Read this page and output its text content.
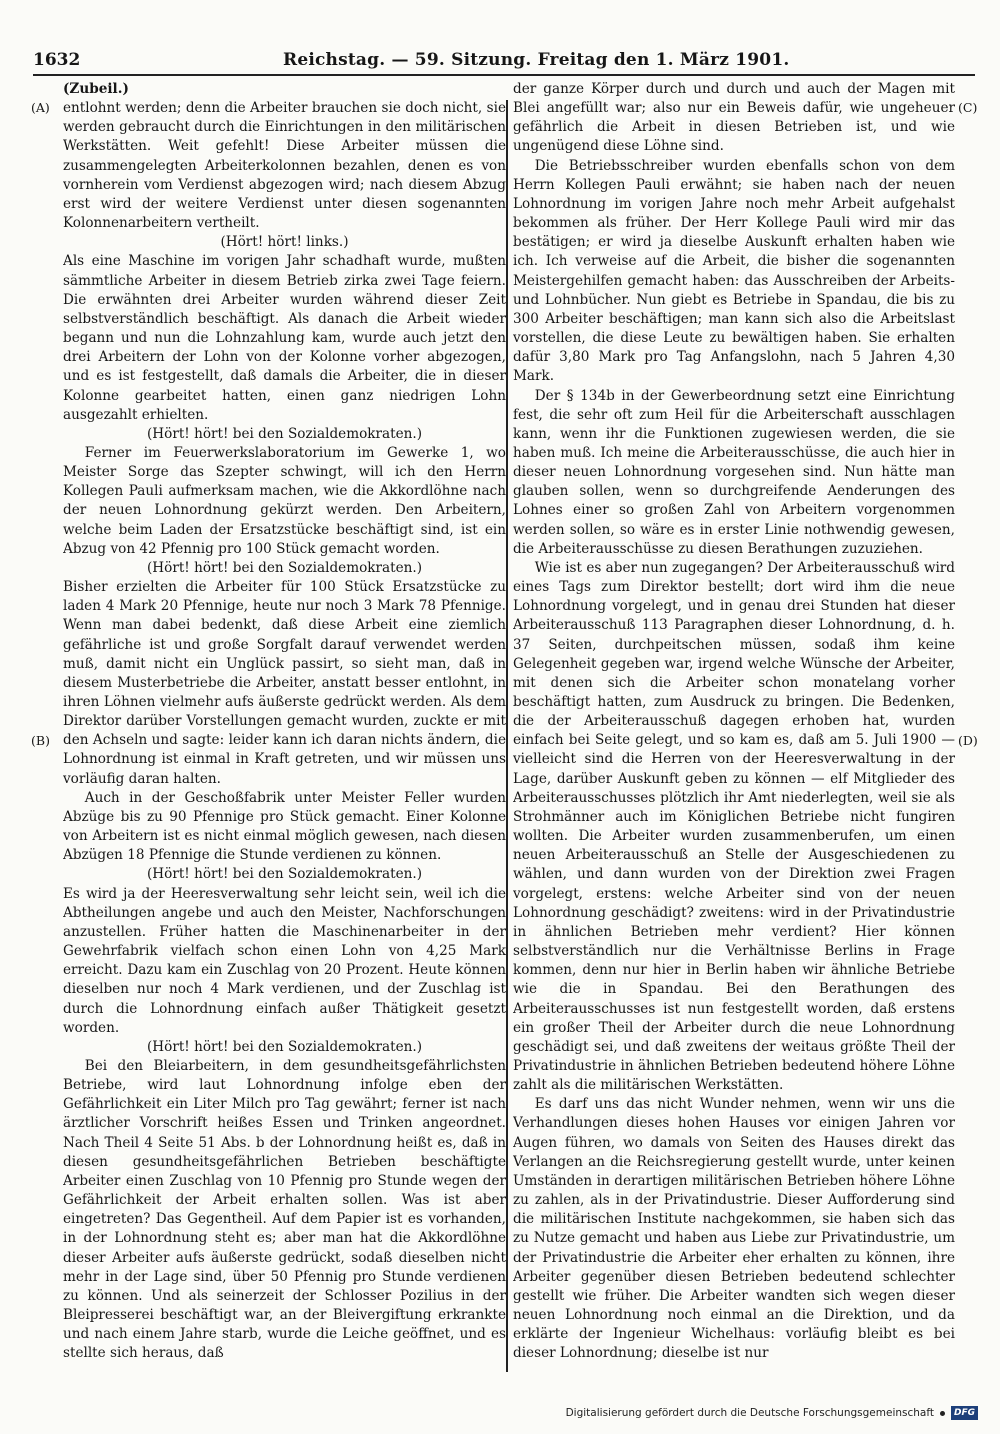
1632	Reichstag. — 59. Sitzung. Freitag den 1. März 1901.
(A)
(B)
(C)
(D)

(Zubeil.)

entlohnt werden; denn die Arbeiter brauchen sie doch nicht, sie werden gebraucht durch die Einrichtungen in den militärischen Werkstätten. Weit gefehlt! Diese Arbeiter müssen die zusammengelegten Arbeiterkolonnen bezahlen, denen es von vornherein vom Verdienst abgezogen wird; nach diesem Abzug erst wird der weitere Verdienst unter diesen sogenannten Kolonnenarbeitern vertheilt.

(Hört! hört! links.)

Als eine Maschine im vorigen Jahr schadhaft wurde, mußten sämmtliche Arbeiter in diesem Betrieb zirka zwei Tage feiern. Die erwähnten drei Arbeiter wurden während dieser Zeit selbstverständlich beschäftigt. Als danach die Arbeit wieder begann und nun die Lohnzahlung kam, wurde auch jetzt den drei Arbeitern der Lohn von der Kolonne vorher abgezogen, und es ist festgestellt, daß damals die Arbeiter, die in dieser Kolonne gearbeitet hatten, einen ganz niedrigen Lohn ausgezahlt erhielten.

(Hört! hört! bei den Sozialdemokraten.)

Ferner im Feuerwerkslaboratorium im Gewerke 1, wo Meister Sorge das Szepter schwingt, will ich den Herrn Kollegen Pauli aufmerksam machen, wie die Akkordlöhne nach der neuen Lohnordnung gekürzt werden. Den Arbeitern, welche beim Laden der Ersatzstücke beschäftigt sind, ist ein Abzug von 42 Pfennig pro 100 Stück gemacht worden.

(Hört! hört! bei den Sozialdemokraten.)

Bisher erzielten die Arbeiter für 100 Stück Ersatzstücke zu laden 4 Mark 20 Pfennige, heute nur noch 3 Mark 78 Pfennige. Wenn man dabei bedenkt, daß diese Arbeit eine ziemlich gefährliche ist und große Sorgfalt darauf verwendet werden muß, damit nicht ein Unglück passirt, so sieht man, daß in diesem Musterbetriebe die Arbeiter, anstatt besser entlohnt, in ihren Löhnen vielmehr aufs äußerste gedrückt werden. Als dem Direktor darüber Vorstellungen gemacht wurden, zuckte er mit den Achseln und sagte: leider kann ich daran nichts ändern, die Lohnordnung ist einmal in Kraft getreten, und wir müssen uns vorläufig daran halten.

Auch in der Geschoßfabrik unter Meister Feller wurden Abzüge bis zu 90 Pfennige pro Stück gemacht. Einer Kolonne von Arbeitern ist es nicht einmal möglich gewesen, nach diesen Abzügen 18 Pfennige die Stunde verdienen zu können.

(Hört! hört! bei den Sozialdemokraten.)

Es wird ja der Heeresverwaltung sehr leicht sein, weil ich die Abtheilungen angebe und auch den Meister, Nachforschungen anzustellen. Früher hatten die Maschinenarbeiter in der Gewehrfabrik vielfach schon einen Lohn von 4,25 Mark erreicht. Dazu kam ein Zuschlag von 20 Prozent. Heute können dieselben nur noch 4 Mark verdienen, und der Zuschlag ist durch die Lohnordnung einfach außer Thätigkeit gesetzt worden.

(Hört! hört! bei den Sozialdemokraten.)

Bei den Bleiarbeitern, in dem gesundheitsgefährlichsten Betriebe, wird laut Lohnordnung infolge eben der Gefährlichkeit ein Liter Milch pro Tag gewährt; ferner ist nach ärztlicher Vorschrift heißes Essen und Trinken angeordnet. Nach Theil 4 Seite 51 Abs. b der Lohnordnung heißt es, daß in diesen gesundheitsgefährlichen Betrieben beschäftigte Arbeiter einen Zuschlag von 10 Pfennig pro Stunde wegen der Gefährlichkeit der Arbeit erhalten sollen. Was ist aber eingetreten? Das Gegentheil. Auf dem Papier ist es vorhanden, in der Lohnordnung steht es; aber man hat die Akkordlöhne dieser Arbeiter aufs äußerste gedrückt, sodaß dieselben nicht mehr in der Lage sind, über 50 Pfennig pro Stunde verdienen zu können. Und als seinerzeit der Schlosser Pozilius in der Bleipresserei beschäftigt war, an der Bleivergiftung erkrankte und nach einem Jahre starb, wurde die Leiche geöffnet, und es stellte sich heraus, daß

der ganze Körper durch und durch und auch der Magen mit Blei angefüllt war; also nur ein Beweis dafür, wie ungeheuer gefährlich die Arbeit in diesen Betrieben ist, und wie ungenügend diese Löhne sind.

Die Betriebsschreiber wurden ebenfalls schon von dem Herrn Kollegen Pauli erwähnt; sie haben nach der neuen Lohnordnung im vorigen Jahre noch mehr Arbeit aufgehalst bekommen als früher. Der Herr Kollege Pauli wird mir das bestätigen; er wird ja dieselbe Auskunft erhalten haben wie ich. Ich verweise auf die Arbeit, die bisher die sogenannten Meistergehilfen gemacht haben: das Ausschreiben der Arbeits- und Lohnbücher. Nun giebt es Betriebe in Spandau, die bis zu 300 Arbeiter beschäftigen; man kann sich also die Arbeitslast vorstellen, die diese Leute zu bewältigen haben. Sie erhalten dafür 3,80 Mark pro Tag Anfangslohn, nach 5 Jahren 4,30 Mark.

Der § 134b in der Gewerbeordnung setzt eine Einrichtung fest, die sehr oft zum Heil für die Arbeiterschaft ausschlagen kann, wenn ihr die Funktionen zugewiesen werden, die sie haben muß. Ich meine die Arbeiterausschüsse, die auch hier in dieser neuen Lohnordnung vorgesehen sind. Nun hätte man glauben sollen, wenn so durchgreifende Aenderungen des Lohnes einer so großen Zahl von Arbeitern vorgenommen werden sollen, so wäre es in erster Linie nothwendig gewesen, die Arbeiterausschüsse zu diesen Berathungen zuzuziehen.

Wie ist es aber nun zugegangen? Der Arbeiterausschuß wird eines Tags zum Direktor bestellt; dort wird ihm die neue Lohnordnung vorgelegt, und in genau drei Stunden hat dieser Arbeiterausschuß 113 Paragraphen dieser Lohnordnung, d. h. 37 Seiten, durchpeitschen müssen, sodaß ihm keine Gelegenheit gegeben war, irgend welche Wünsche der Arbeiter, mit denen sich die Arbeiter schon monatelang vorher beschäftigt hatten, zum Ausdruck zu bringen. Die Bedenken, die der Arbeiterausschuß dagegen erhoben hat, wurden einfach bei Seite gelegt, und so kam es, daß am 5. Juli 1900 — vielleicht sind die Herren von der Heeresverwaltung in der Lage, darüber Auskunft geben zu können — elf Mitglieder des Arbeiterausschusses plötzlich ihr Amt niederlegten, weil sie als Strohmänner auch im Königlichen Betriebe nicht fungiren wollten. Die Arbeiter wurden zusammenberufen, um einen neuen Arbeiterausschuß an Stelle der Ausgeschiedenen zu wählen, und dann wurden von der Direktion zwei Fragen vorgelegt, erstens: welche Arbeiter sind von der neuen Lohnordnung geschädigt? zweitens: wird in der Privatindustrie in ähnlichen Betrieben mehr verdient? Hier können selbstverständlich nur die Verhältnisse Berlins in Frage kommen, denn nur hier in Berlin haben wir ähnliche Betriebe wie die in Spandau. Bei den Berathungen des Arbeiterausschusses ist nun festgestellt worden, daß erstens ein großer Theil der Arbeiter durch die neue Lohnordnung geschädigt sei, und daß zweitens der weitaus größte Theil der Privatindustrie in ähnlichen Betrieben bedeutend höhere Löhne zahlt als die militärischen Werkstätten.

Es darf uns das nicht Wunder nehmen, wenn wir uns die Verhandlungen dieses hohen Hauses vor einigen Jahren vor Augen führen, wo damals von Seiten des Hauses direkt das Verlangen an die Reichsregierung gestellt wurde, unter keinen Umständen in derartigen militärischen Betrieben höhere Löhne zu zahlen, als in der Privatindustrie. Dieser Aufforderung sind die militärischen Institute nachgekommen, sie haben sich das zu Nutze gemacht und haben aus Liebe zur Privatindustrie, um der Privatindustrie die Arbeiter eher erhalten zu können, ihre Arbeiter gegenüber diesen Betrieben bedeutend schlechter gestellt wie früher. Die Arbeiter wandten sich wegen dieser neuen Lohnordnung noch einmal an die Direktion, und da erklärte der Ingenieur Wichelhaus: vorläufig bleibt es bei dieser Lohnordnung; dieselbe ist nur

Digitalisierung gefördert durch die Deutsche Forschungsgemeinschaft	DFG
